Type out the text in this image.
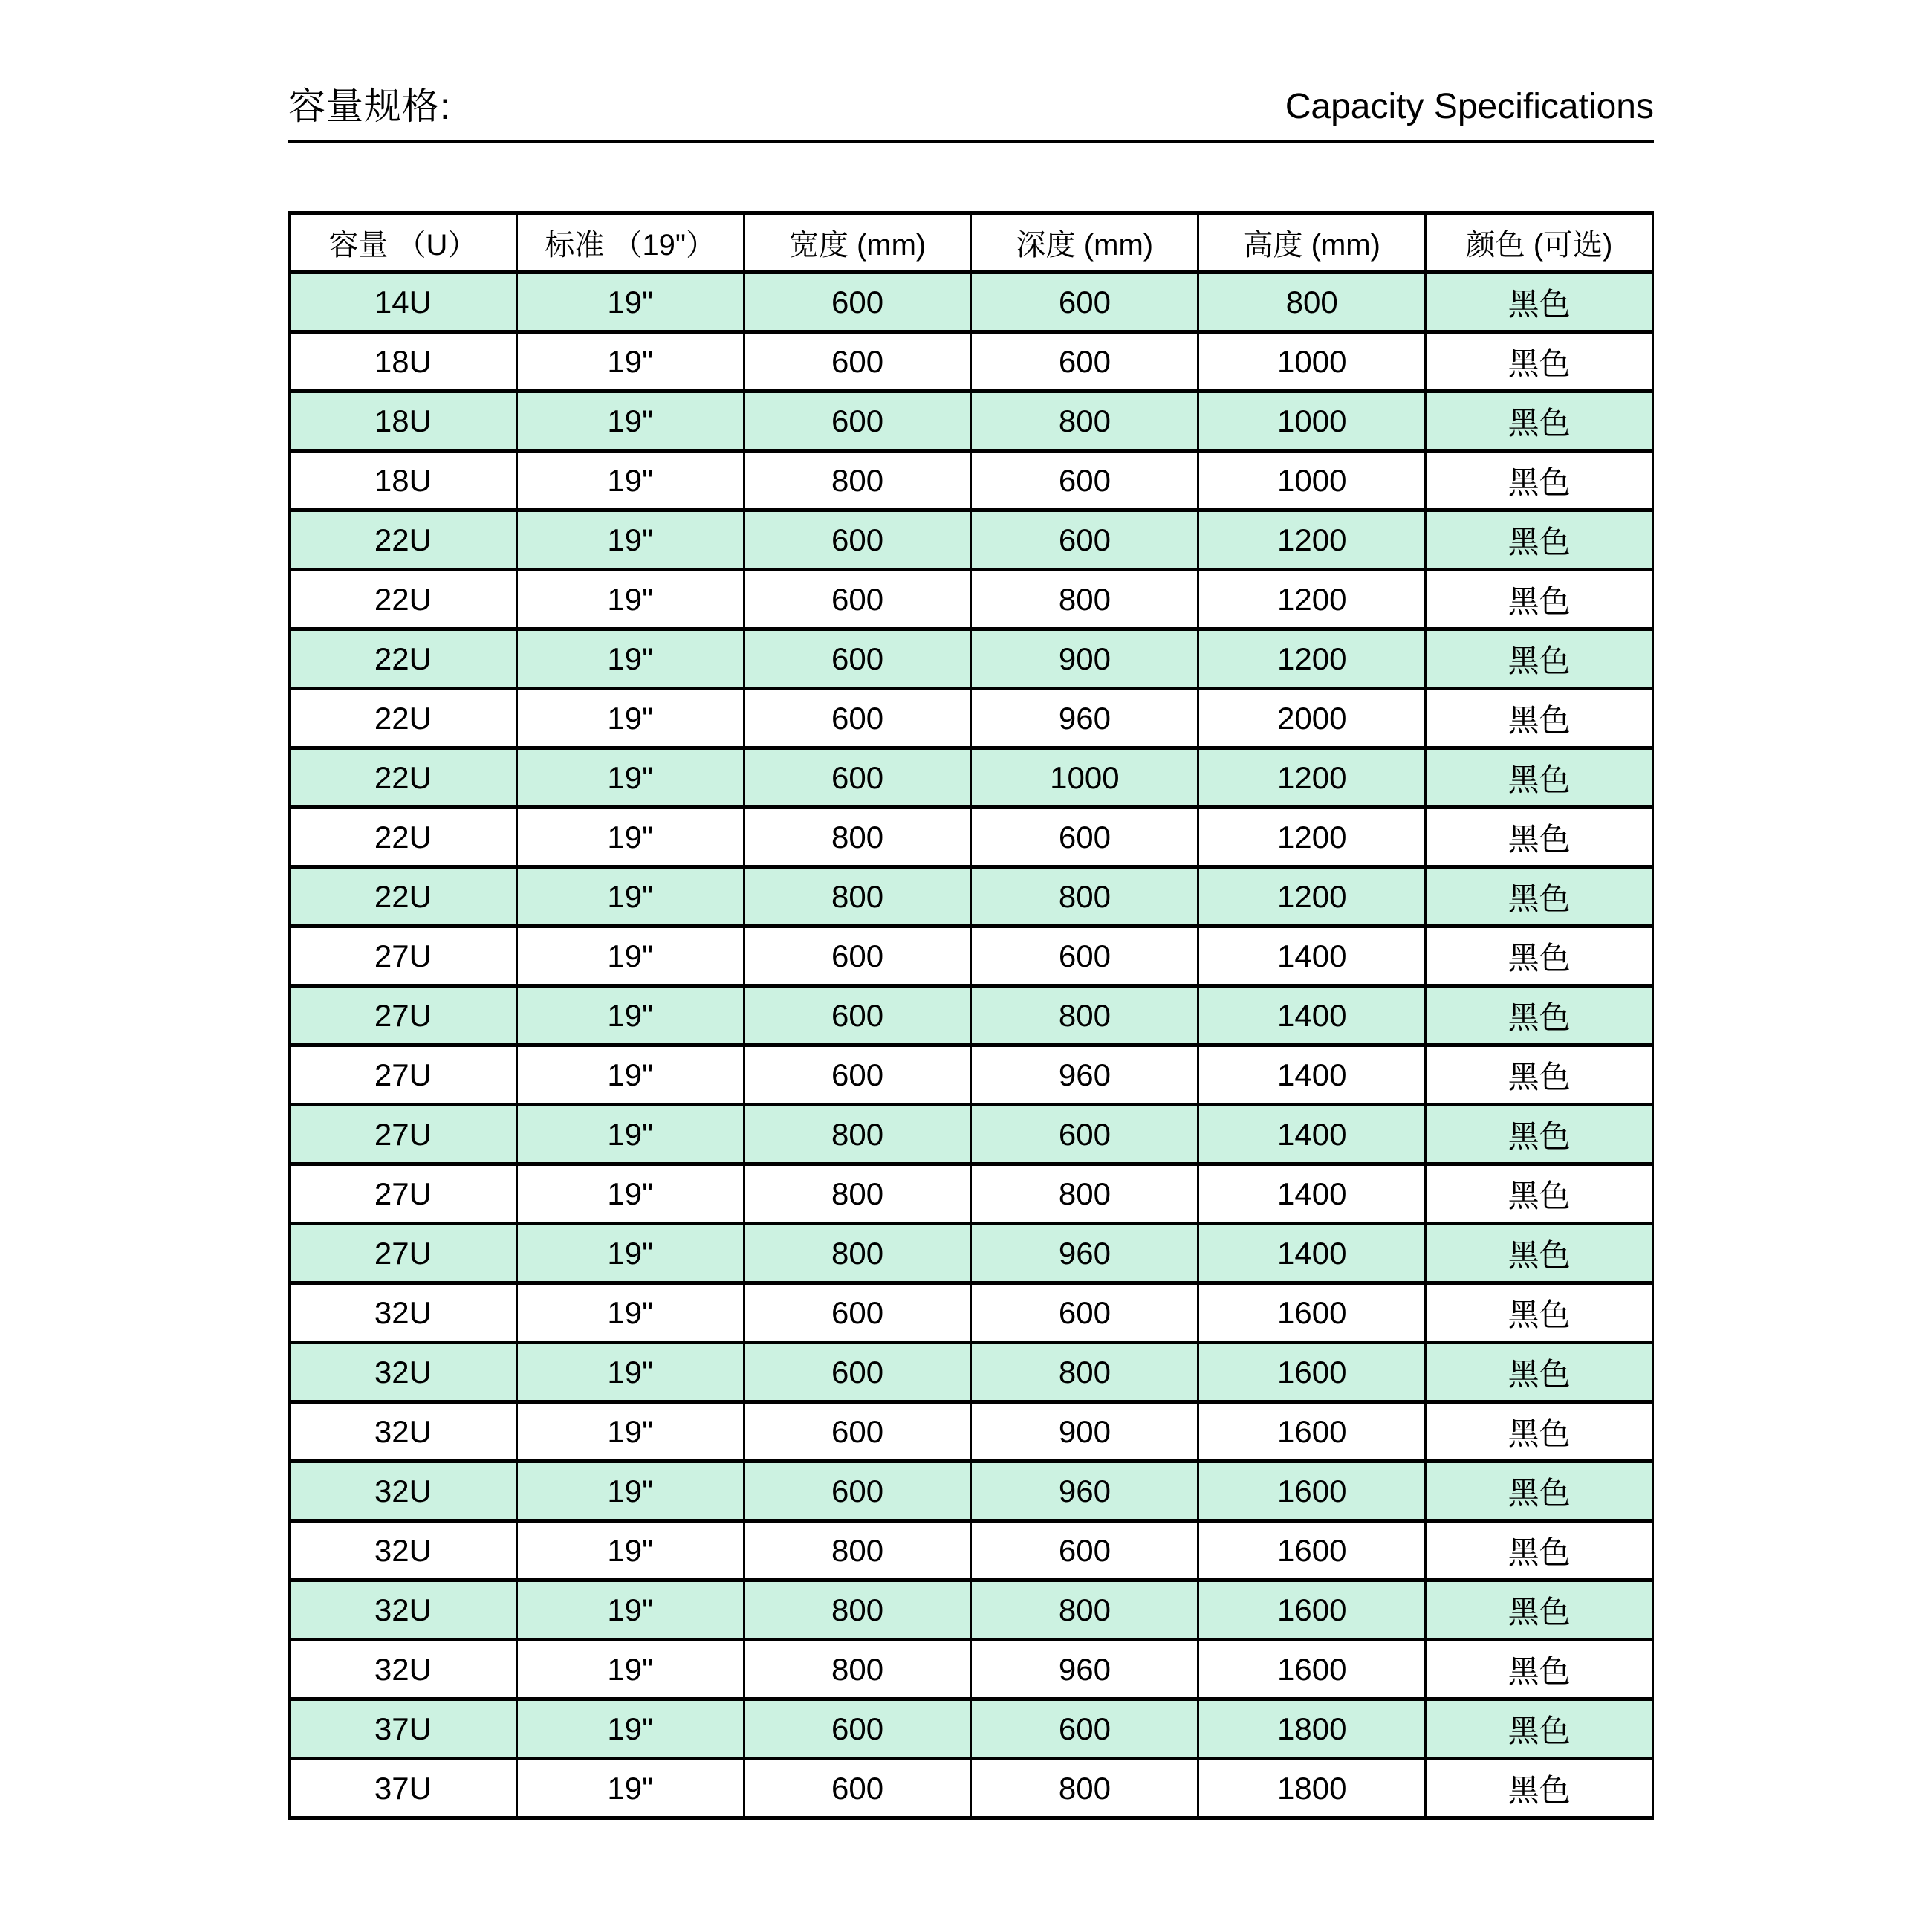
容量规格:	Capacity Specifications
容量 （U）	标准 （19"）	宽度 (mm)	深度 (mm)	高度 (mm)	颜色 (可选)
14U	19"	600	600	800	黑色
18U	19"	600	600	1000	黑色
18U	19"	600	800	1000	黑色
18U	19"	800	600	1000	黑色
22U	19"	600	600	1200	黑色
22U	19"	600	800	1200	黑色
22U	19"	600	900	1200	黑色
22U	19"	600	960	2000	黑色
22U	19"	600	1000	1200	黑色
22U	19"	800	600	1200	黑色
22U	19"	800	800	1200	黑色
27U	19"	600	600	1400	黑色
27U	19"	600	800	1400	黑色
27U	19"	600	960	1400	黑色
27U	19"	800	600	1400	黑色
27U	19"	800	800	1400	黑色
27U	19"	800	960	1400	黑色
32U	19"	600	600	1600	黑色
32U	19"	600	800	1600	黑色
32U	19"	600	900	1600	黑色
32U	19"	600	960	1600	黑色
32U	19"	800	600	1600	黑色
32U	19"	800	800	1600	黑色
32U	19"	800	960	1600	黑色
37U	19"	600	600	1800	黑色
37U	19"	600	800	1800	黑色
